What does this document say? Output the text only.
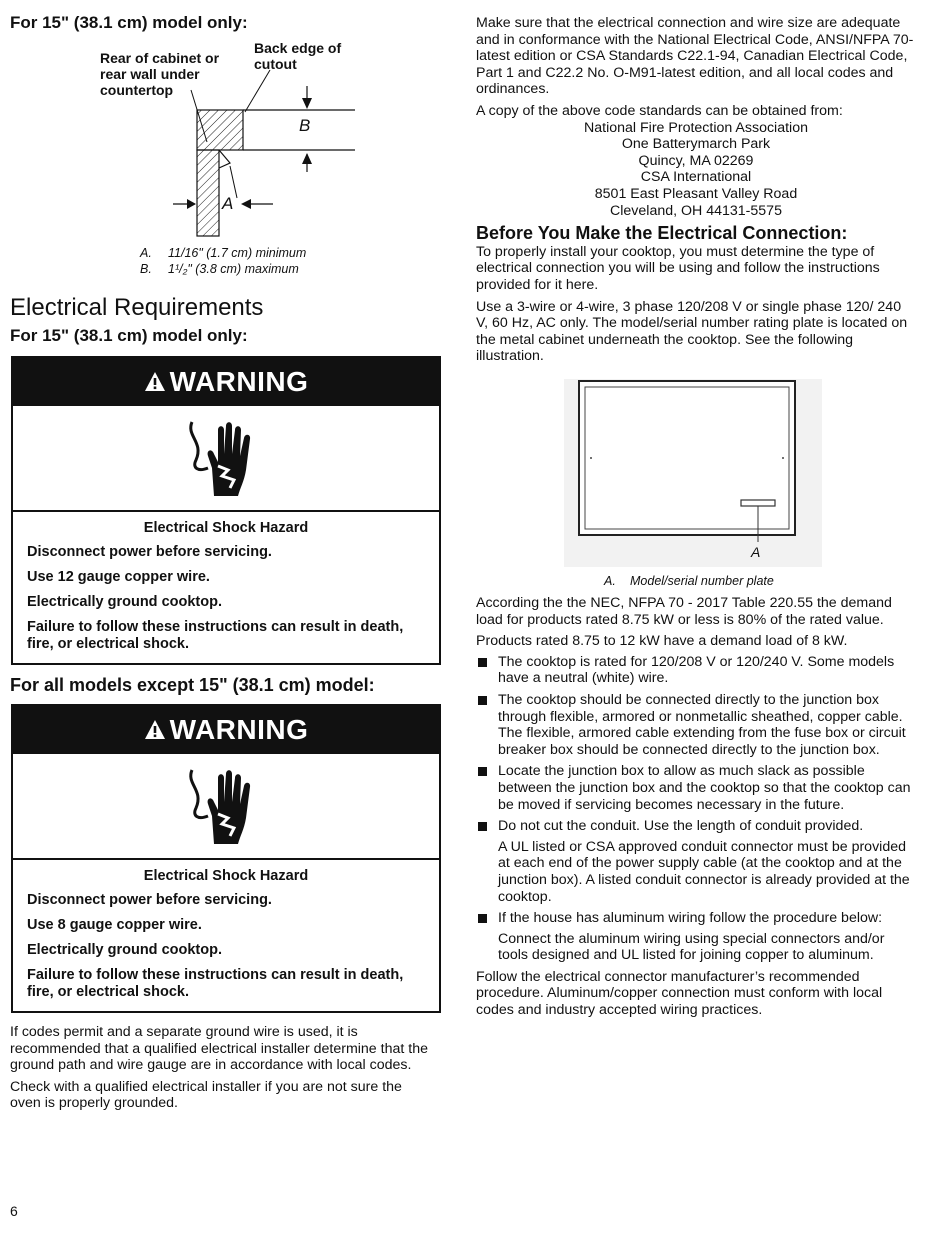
For 15" (38.1 cm) model only:
Rear of cabinet or rear wall under countertop
Back edge of cutout
B
A
A. 11/16" (1.7 cm) minimum
B. 1¹/₂" (3.8 cm) maximum
Electrical Requirements
For 15" (38.1 cm) model only:
WARNING
Electrical Shock Hazard
Disconnect power before servicing.
Use 12 gauge copper wire.
Electrically ground cooktop.
Failure to follow these instructions can result in death, fire, or electrical shock.
For all models except 15" (38.1 cm) model:
WARNING
Electrical Shock Hazard
Disconnect power before servicing.
Use 8 gauge copper wire.
Electrically ground cooktop.
Failure to follow these instructions can result in death, fire, or electrical shock.

If codes permit and a separate ground wire is used, it is recommended that a qualified electrical installer determine that the ground path and wire gauge are in accordance with local codes.

Check with a qualified electrical installer if you are not sure the oven is properly grounded.

6

Make sure that the electrical connection and wire size are adequate and in conformance with the National Electrical Code, ANSI/NFPA 70-latest edition or CSA Standards C22.1-94, Canadian Electrical Code, Part 1 and C22.2 No. O-M91-latest edition, and all local codes and ordinances.

A copy of the above code standards can be obtained from:

National Fire Protection Association
One Batterymarch Park
Quincy, MA 02269
CSA International
8501 East Pleasant Valley Road
Cleveland, OH 44131-5575
Before You Make the Electrical Connection:

To properly install your cooktop, you must determine the type of electrical connection you will be using and follow the instructions provided for it here.

Use a 3-wire or 4-wire, 3 phase 120/208 V or single phase 120/ 240 V, 60 Hz, AC only. The model/serial number rating plate is located on the metal cabinet underneath the cooktop. See the following illustration.

A
A. Model/serial number plate

According the the NEC, NFPA 70 - 2017 Table 220.55 the demand load for products rated 8.75 kW or less is 80% of the rated value.

Products rated 8.75 to 12 kW have a demand load of 8 kW.

The cooktop is rated for 120/208 V or 120/240 V. Some models have a neutral (white) wire.

The cooktop should be connected directly to the junction box through flexible, armored or nonmetallic sheathed, copper cable. The flexible, armored cable extending from the fuse box or circuit breaker box should be connected directly to the junction box.

Locate the junction box to allow as much slack as possible between the junction box and the cooktop so that the cooktop can be moved if servicing becomes necessary in the future.

Do not cut the conduit. Use the length of conduit provided.

A UL listed or CSA approved conduit connector must be provided at each end of the power supply cable (at the cooktop and at the junction box). A listed conduit connector is already provided at the cooktop.

If the house has aluminum wiring follow the procedure below:

Connect the aluminum wiring using special connectors and/or tools designed and UL listed for joining copper to aluminum.

Follow the electrical connector manufacturer’s recommended procedure. Aluminum/copper connection must conform with local codes and industry accepted wiring practices.
